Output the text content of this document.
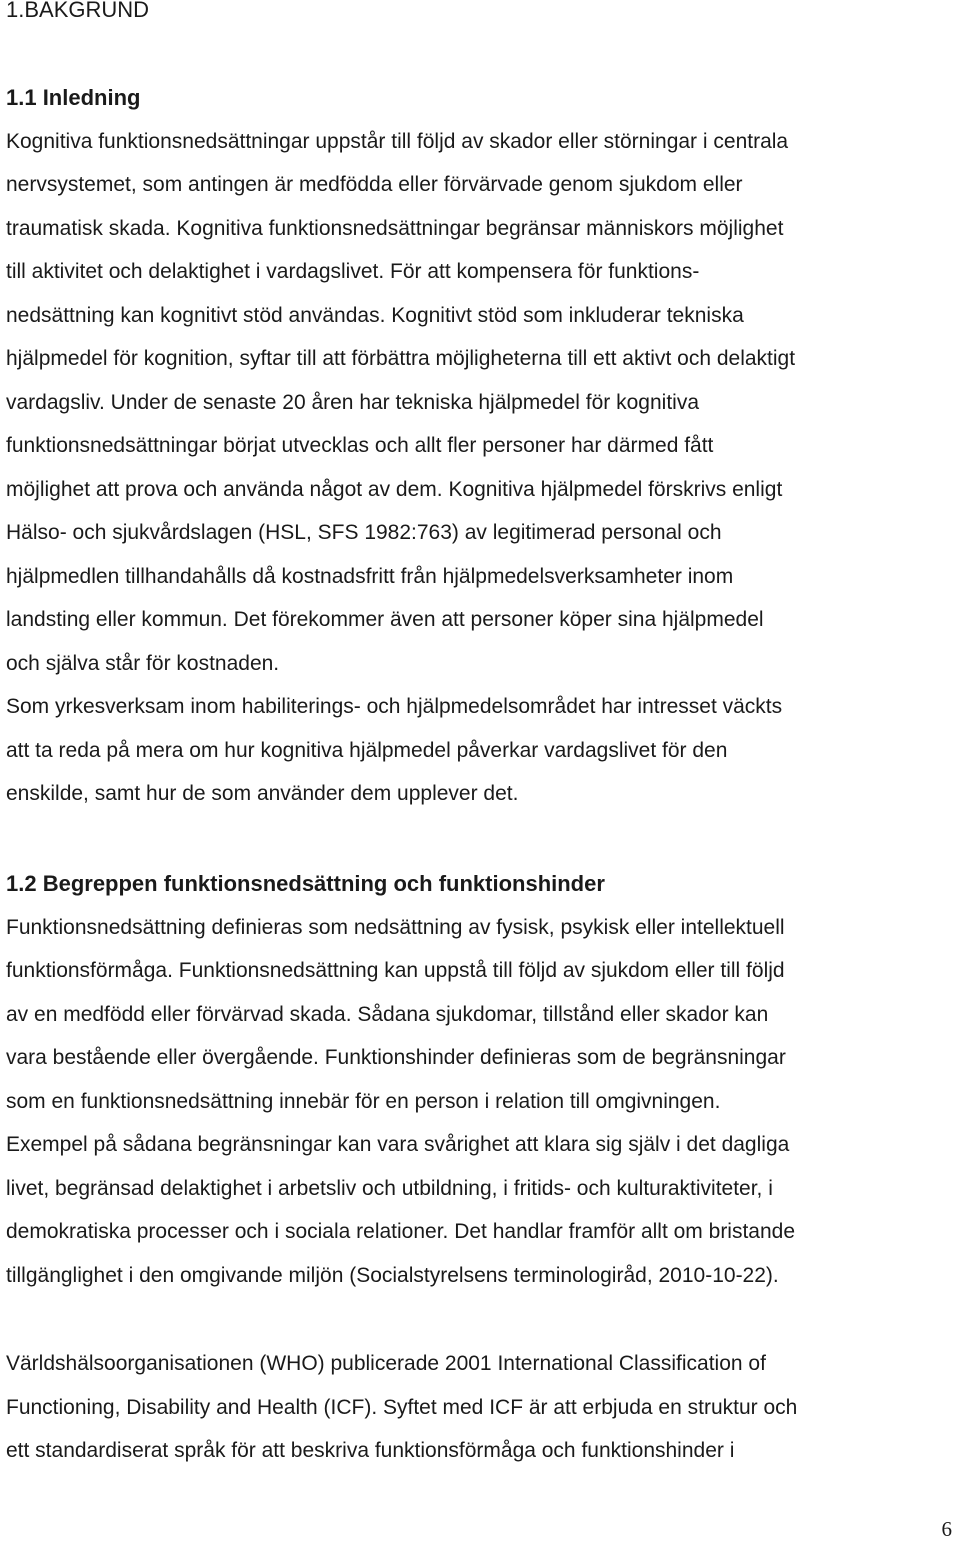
1.BAKGRUND
1.1 Inledning

Kognitiva funktionsnedsättningar uppstår till följd av skador eller störningar i centrala

nervsystemet, som antingen är medfödda eller förvärvade genom sjukdom eller

traumatisk skada. Kognitiva funktionsnedsättningar begränsar människors möjlighet

till aktivitet och delaktighet i vardagslivet. För att kompensera för funktions-

nedsättning kan kognitivt stöd användas. Kognitivt stöd som inkluderar tekniska

hjälpmedel för kognition, syftar till att förbättra möjligheterna till ett aktivt och delaktigt

vardagsliv. Under de senaste 20 åren har tekniska hjälpmedel för kognitiva

funktionsnedsättningar börjat utvecklas och allt fler personer har därmed fått

möjlighet att prova och använda något av dem. Kognitiva hjälpmedel förskrivs enligt

Hälso- och sjukvårdslagen (HSL, SFS 1982:763) av legitimerad personal och

hjälpmedlen tillhandahålls då kostnadsfritt från hjälpmedelsverksamheter inom

landsting eller kommun. Det förekommer även att personer köper sina hjälpmedel

och själva står för kostnaden.

Som yrkesverksam inom habiliterings- och hjälpmedelsområdet har intresset väckts

att ta reda på mera om hur kognitiva hjälpmedel påverkar vardagslivet för den

enskilde, samt hur de som använder dem upplever det.

1.2 Begreppen funktionsnedsättning och funktionshinder

Funktionsnedsättning definieras som nedsättning av fysisk, psykisk eller intellektuell

funktionsförmåga. Funktionsnedsättning kan uppstå till följd av sjukdom eller till följd

av en medfödd eller förvärvad skada. Sådana sjukdomar, tillstånd eller skador kan

vara bestående eller övergående. Funktionshinder definieras som de begränsningar

som en funktionsnedsättning innebär för en person i relation till omgivningen.

Exempel på sådana begränsningar kan vara svårighet att klara sig själv i det dagliga

livet, begränsad delaktighet i arbetsliv och utbildning, i fritids- och kulturaktiviteter, i

demokratiska processer och i sociala relationer. Det handlar framför allt om bristande

tillgänglighet i den omgivande miljön (Socialstyrelsens terminologiråd, 2010-10-22).

Världshälsoorganisationen (WHO) publicerade 2001 International Classification of

Functioning, Disability and Health (ICF). Syftet med ICF är att erbjuda en struktur och

ett standardiserat språk för att beskriva funktionsförmåga och funktionshinder i

6
